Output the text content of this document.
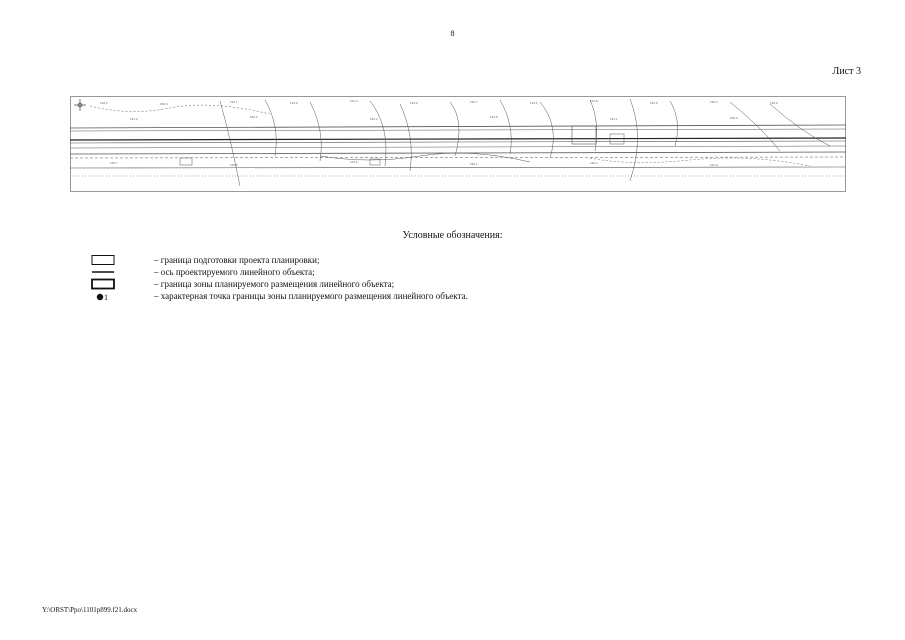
8
Лист 3
148.2	150.4	152.1	149.9	151.3	153.0	150.7	149.5	151.8	152.6	150.2	148.9
151.0	150.3	152.4	149.8	151.1	150.0
149.7	150.8
151.6	150.1	149.4	151.9
Условные обозначения:
– граница подготовки проекта планировки;
– ось проектируемого линейного объекта;
– граница зоны планируемого размещения линейного объекта;
1	– характерная точка границы зоны планируемого размещения линейного объекта.
Y:\ORST\Ppo\1101p899.f21.docx
